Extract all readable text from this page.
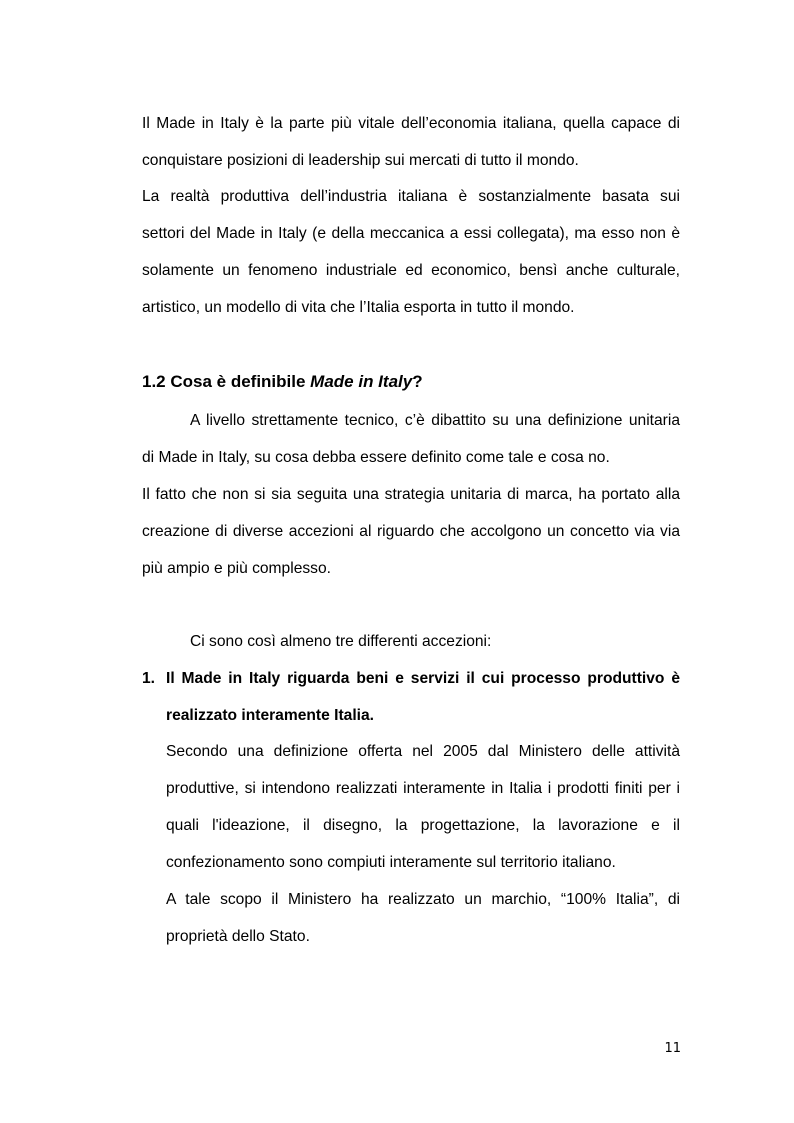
Il Made in Italy è la parte più vitale dell’economia italiana, quella capace di
conquistare posizioni di leadership sui mercati di tutto il mondo.
La realtà produttiva dell’industria italiana è sostanzialmente basata sui
settori del Made in Italy (e della meccanica a essi collegata), ma esso non è
solamente un fenomeno industriale ed economico, bensì anche culturale,
artistico, un modello di vita che l’Italia esporta in tutto il mondo.
1.2 Cosa è definibile Made in Italy?
A livello strettamente tecnico, c’è dibattito su una definizione unitaria
di Made in Italy, su cosa debba essere definito come tale e cosa no.
Il fatto che non si sia seguita una strategia unitaria di marca, ha portato alla
creazione di diverse accezioni al riguardo che accolgono un concetto via via
più ampio e più complesso.
Ci sono così almeno tre differenti accezioni:
1. Il Made in Italy riguarda beni e servizi il cui processo produttivo è
realizzato interamente Italia.
Secondo una definizione offerta nel 2005 dal Ministero delle attività
produttive, si intendono realizzati interamente in Italia i prodotti finiti per i
quali l'ideazione, il disegno, la progettazione, la lavorazione e il
confezionamento sono compiuti interamente sul territorio italiano.
A tale scopo il Ministero ha realizzato un marchio, “100% Italia”, di
proprietà dello Stato.
11
